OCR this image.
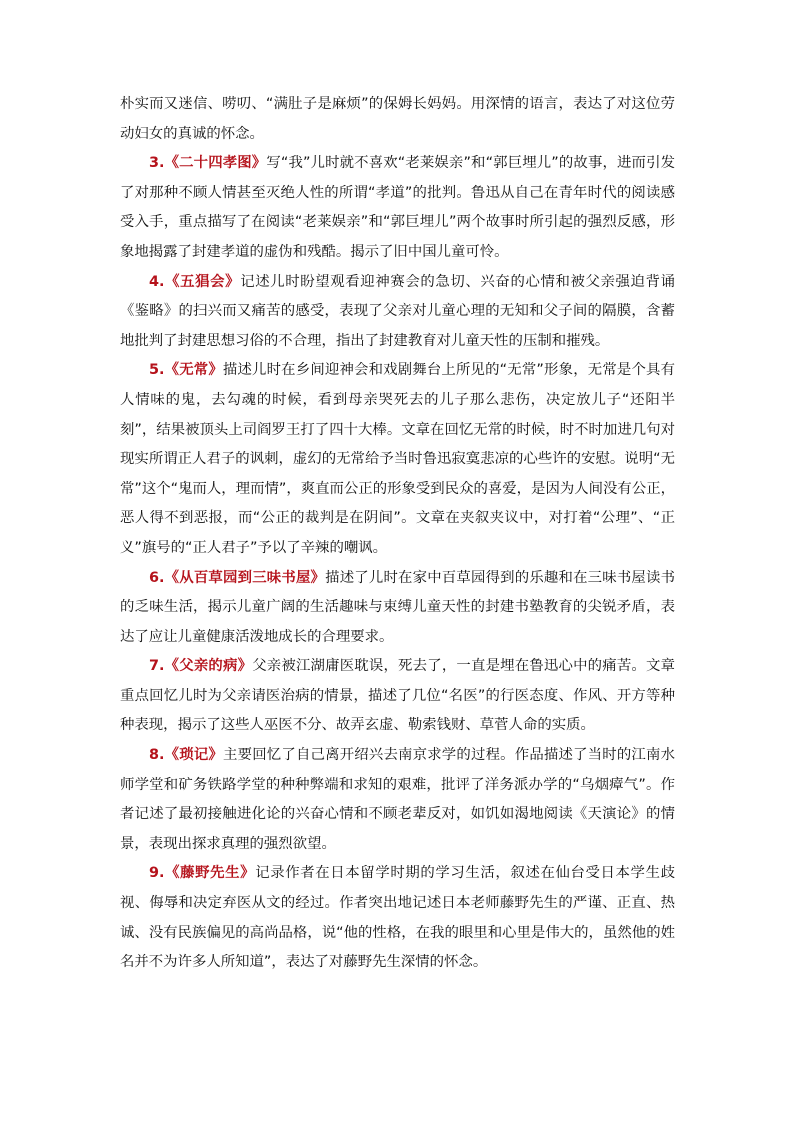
朴实而又迷信、唠叨、“满肚子是麻烦”的保姆长妈妈。用深情的语言，表达了对这位劳动妇女的真诚的怀念。

3.《二十四孝图》写“我”儿时就不喜欢“老莱娱亲”和“郭巨埋儿”的故事，进而引发了对那种不顾人情甚至灭绝人性的所谓“孝道”的批判。鲁迅从自己在青年时代的阅读感受入手，重点描写了在阅读“老莱娱亲”和“郭巨埋儿”两个故事时所引起的强烈反感，形象地揭露了封建孝道的虚伪和残酷。揭示了旧中国儿童可怜。

4.《五猖会》记述儿时盼望观看迎神赛会的急切、兴奋的心情和被父亲强迫背诵《鉴略》的扫兴而又痛苦的感受，表现了父亲对儿童心理的无知和父子间的隔膜，含蓄地批判了封建思想习俗的不合理，指出了封建教育对儿童天性的压制和摧残。

5.《无常》描述儿时在乡间迎神会和戏剧舞台上所见的“无常”形象，无常是个具有人情味的鬼，去勾魂的时候，看到母亲哭死去的儿子那么悲伤，决定放儿子“还阳半刻”，结果被顶头上司阎罗王打了四十大棒。文章在回忆无常的时候，时不时加进几句对现实所谓正人君子的讽刺，虚幻的无常给予当时鲁迅寂寞悲凉的心些许的安慰。说明“无常”这个“鬼而人，理而情”，爽直而公正的形象受到民众的喜爱，是因为人间没有公正，恶人得不到恶报，而“公正的裁判是在阴间”。文章在夹叙夹议中，对打着“公理”、“正义”旗号的“正人君子”予以了辛辣的嘲讽。

6.《从百草园到三味书屋》描述了儿时在家中百草园得到的乐趣和在三味书屋读书的乏味生活，揭示儿童广阔的生活趣味与束缚儿童天性的封建书塾教育的尖锐矛盾，表达了应让儿童健康活泼地成长的合理要求。

7.《父亲的病》父亲被江湖庸医耽误，死去了，一直是埋在鲁迅心中的痛苦。文章重点回忆儿时为父亲请医治病的情景，描述了几位“名医”的行医态度、作风、开方等种种表现，揭示了这些人巫医不分、故弄玄虚、勒索钱财、草菅人命的实质。

8.《琐记》主要回忆了自己离开绍兴去南京求学的过程。作品描述了当时的江南水师学堂和矿务铁路学堂的种种弊端和求知的艰难，批评了洋务派办学的“乌烟瘴气”。作者记述了最初接触进化论的兴奋心情和不顾老辈反对，如饥如渴地阅读《天演论》的情景，表现出探求真理的强烈欲望。

9.《藤野先生》记录作者在日本留学时期的学习生活，叙述在仙台受日本学生歧视、侮辱和决定弃医从文的经过。作者突出地记述日本老师藤野先生的严谨、正直、热诚、没有民族偏见的高尚品格，说“他的性格，在我的眼里和心里是伟大的，虽然他的姓名并不为许多人所知道”，表达了对藤野先生深情的怀念。
